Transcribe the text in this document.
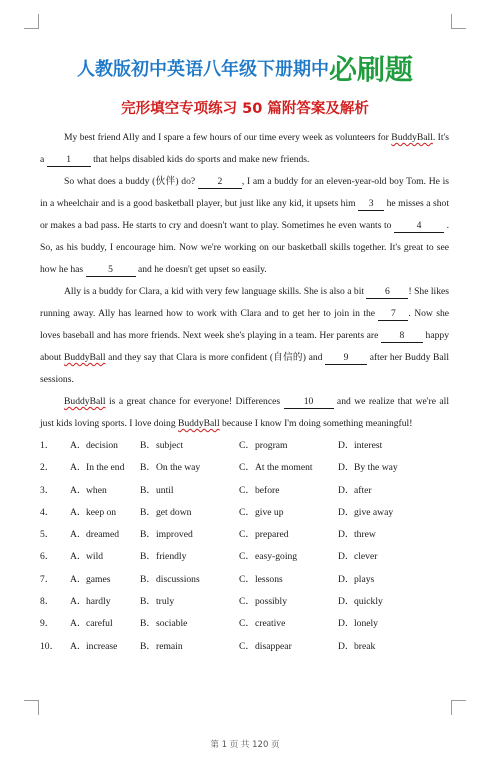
人教版初中英语八年级下册期中必刷题
完形填空专项练习 50 篇附答案及解析

My best friend Ally and I spare a few hours of our time every week as volunteers for BuddyBall. It's a 1 that helps disabled kids do sports and make new friends.

So what does a buddy (伙伴) do? 2 , I am a buddy for an eleven-year-old boy Tom. He is in a wheelchair and is a good basketball player, but just like any kid, it upsets him 3 he misses a shot or makes a bad pass. He starts to cry and doesn't want to play. Sometimes he even wants to 4 . So, as his buddy, I encourage him. Now we're working on our basketball skills together. It's great to see how he has 5 and he doesn't get upset so easily.

Ally is a buddy for Clara, a kid with very few language skills. She is also a bit 6 ! She likes running away. Ally has learned how to work with Clara and to get her to join in the 7 . Now she loves baseball and has more friends. Next week she's playing in a team. Her parents are 8 happy about BuddyBall and they say that Clara is more confident (自信的) and 9 after her Buddy Ball sessions.

BuddyBall is a great chance for everyone! Differences 10 and we realize that we're all just kids loving sports. I love doing BuddyBall because I know I'm doing something meaningful!

1．	A． decision B． subject	C． program	D． interest
2．	A． In the end B． On the way	C． At the moment	D． By the way
3．	A． when	B． until	C． before	D． after
4．	A． keep on B． get down	C． give up	D． give away
5．	A． dreamed B． improved	C． prepared	D． threw
6．	A． wild	B． friendly	C． easy-going	D． clever
7．	A． games	B． discussions	C． lessons	D． plays
8．	A． hardly	B． truly	C． possibly	D． quickly
9．	A． careful	B． sociable	C． creative	D． lonely
10．	A． increase B． remain	C． disappear	D． break
第 1 页 共 120 页
